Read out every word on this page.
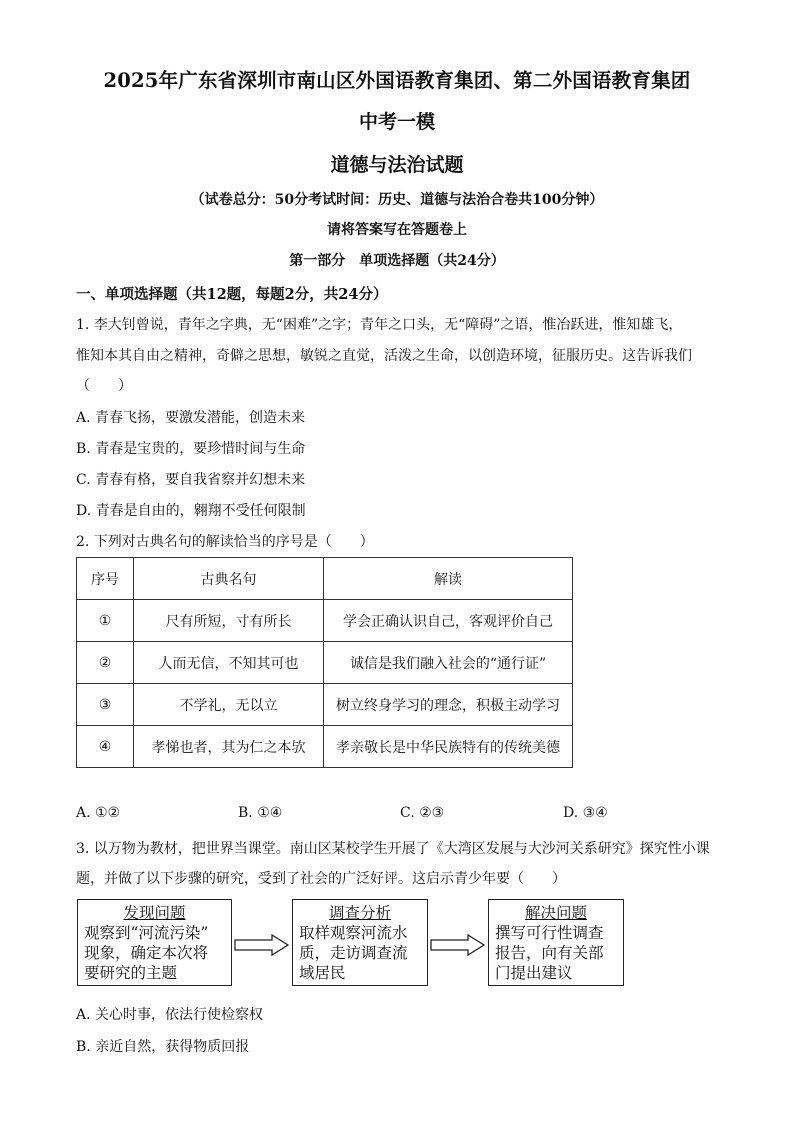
2025年广东省深圳市南山区外国语教育集团、第二外国语教育集团
中考一模
道德与法治试题
（试卷总分：50分考试时间：历史、道德与法治合卷共100分钟）
请将答案写在答题卷上
第一部分　单项选择题（共24分）
一、单项选择题（共12题，每题2分，共24分）
1. 李大钊曾说，青年之字典，无“困难”之字；青年之口头，无“障碍”之语，惟冶跃进，惟知雄飞，
惟知本其自由之精神，奇僻之思想，敏锐之直觉，活泼之生命，以创造环境，征服历史。这告诉我们
（　　）
A. 青春飞扬，要激发潜能，创造未来
B. 青春是宝贵的，要珍惜时间与生命
C. 青春有格，要自我省察并幻想未来
D. 青春是自由的，翱翔不受任何限制
2. 下列对古典名句的解读恰当的序号是（　　）
序号	古典名句	解读
①	尺有所短，寸有所长	学会正确认识自己，客观评价自己
②	人而无信，不知其可也	诚信是我们融入社会的“通行证”
③	不学礼，无以立	树立终身学习的理念，积极主动学习
④	孝悌也者，其为仁之本欤	孝亲敬长是中华民族特有的传统美德
A. ①②	B. ①④	C. ②③	D. ③④
3. 以万物为教材，把世界当课堂。南山区某校学生开展了《大湾区发展与大沙河关系研究》探究性小课
题，并做了以下步骤的研究，受到了社会的广泛好评。这启示青少年要（　　）
发现问题
观察到“河流污染”
现象，确定本次将
要研究的主题
调查分析
取样观察河流水
质，走访调查流
域居民
解决问题
撰写可行性调查
报告，向有关部
门提出建议
A. 关心时事，依法行使检察权
B. 亲近自然，获得物质回报
